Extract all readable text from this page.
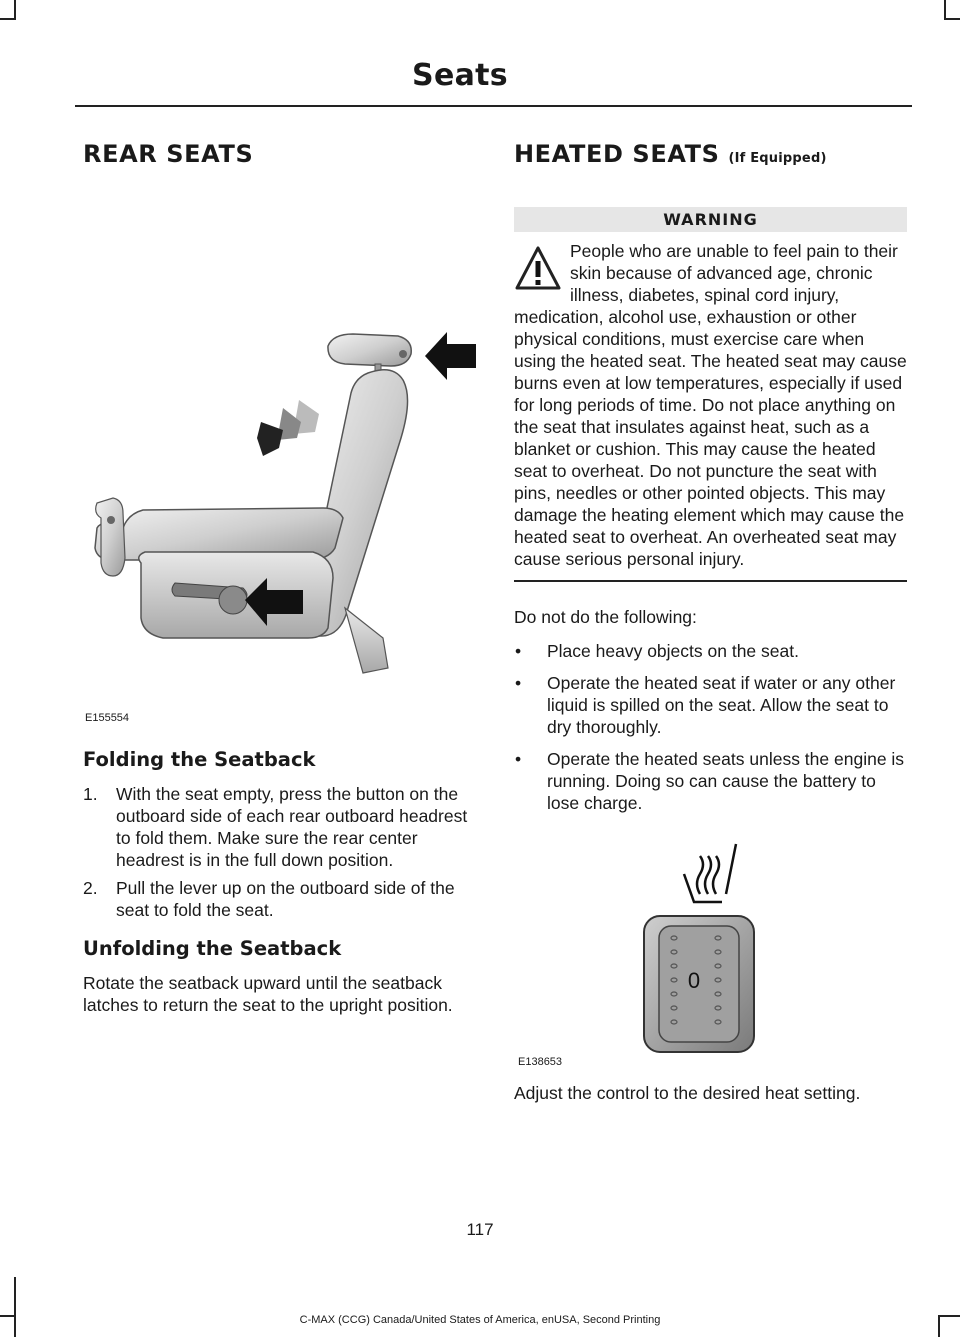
Seats
REAR SEATS
E155554
Folding the Seatback
1. With the seat empty, press the button on the outboard side of each rear outboard headrest to fold them. Make sure the rear center headrest is in the full down position.
2. Pull the lever up on the outboard side of the seat to fold the seat.
Unfolding the Seatback

Rotate the seatback upward until the seatback latches to return the seat to the upright position.

HEATED SEATS (If Equipped)
WARNING

People who are unable to feel pain to their skin because of advanced age, chronic illness, diabetes, spinal cord injury, medication, alcohol use, exhaustion or other physical conditions, must exercise care when using the heated seat. The heated seat may cause burns even at low temperatures, especially if used for long periods of time. Do not place anything on the seat that insulates against heat, such as a blanket or cushion. This may cause the heated seat to overheat. Do not puncture the seat with pins, needles or other pointed objects. This may damage the heating element which may cause the heated seat to overheat. An overheated seat may cause serious personal injury.

Do not do the following:

• Place heavy objects on the seat.
• Operate the heated seat if water or any other liquid is spilled on the seat. Allow the seat to dry thoroughly.
• Operate the heated seats unless the engine is running. Doing so can cause the battery to lose charge.
0
E138653

Adjust the control to the desired heat setting.

117
C-MAX (CCG) Canada/United States of America, enUSA, Second Printing
